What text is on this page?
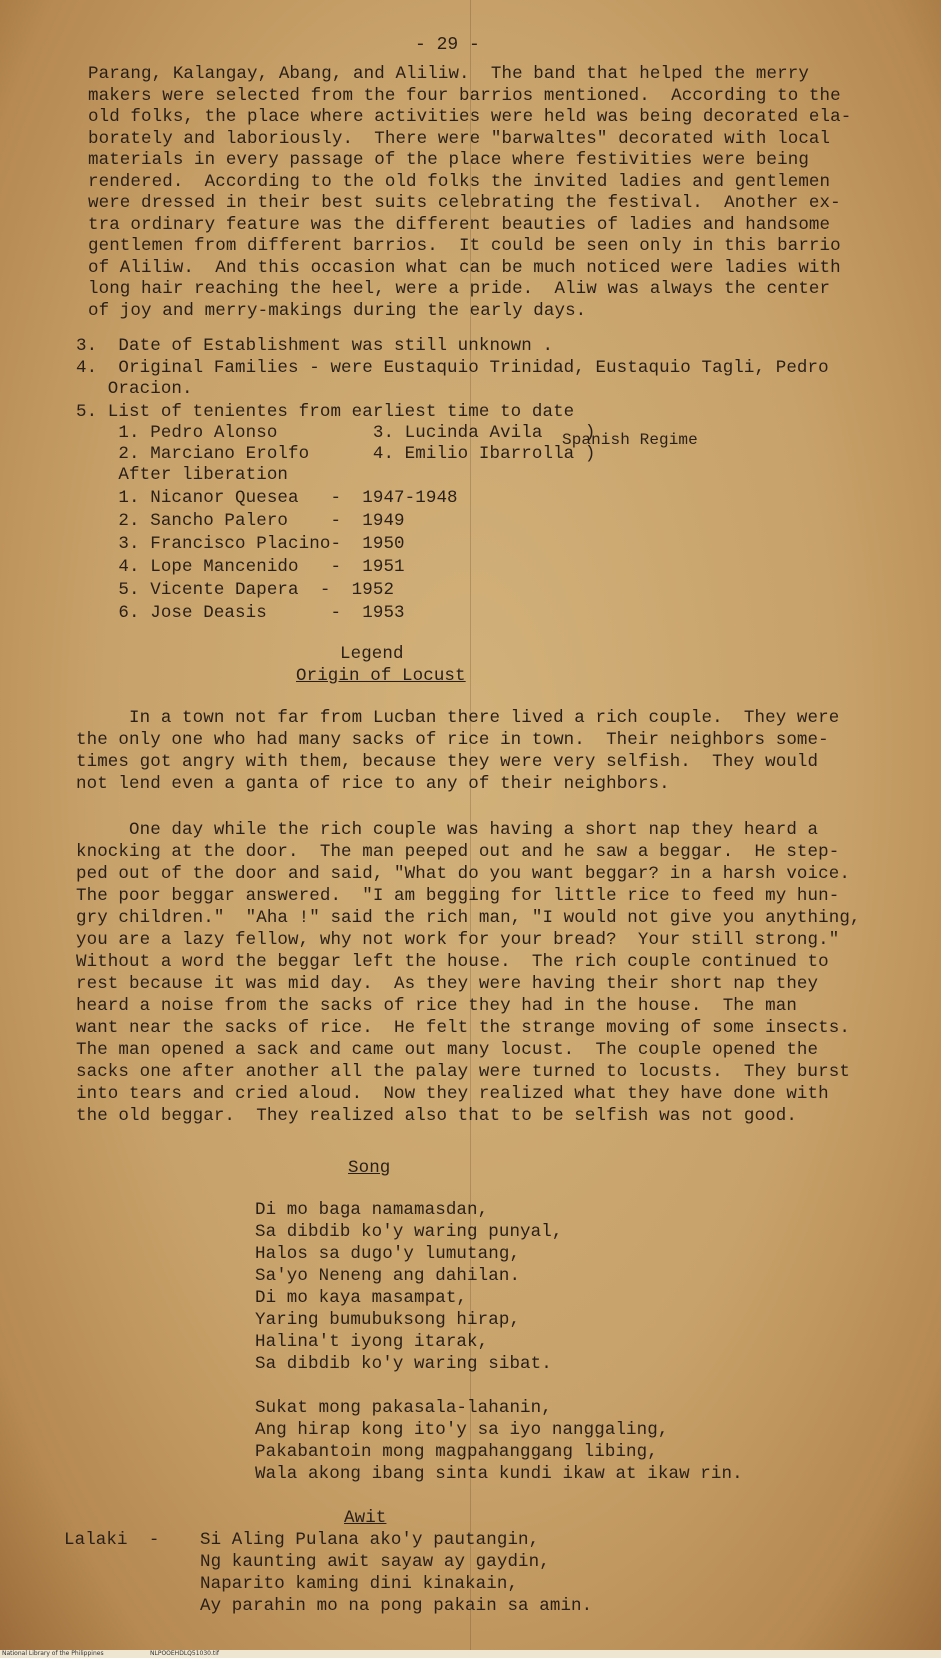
- 29 -
Parang, Kalangay, Abang, and Aliliw.  The band that helped the merry
makers were selected from the four barrios mentioned.  According to the
old folks, the place where activities were held was being decorated ela-
borately and laboriously.  There were "barwaltes" decorated with local
materials in every passage of the place where festivities were being
rendered.  According to the old folks the invited ladies and gentlemen
were dressed in their best suits celebrating the festival.  Another ex-
tra ordinary feature was the different beauties of ladies and handsome
gentlemen from different barrios.  It could be seen only in this barrio
of Aliliw.  And this occasion what can be much noticed were ladies with
long hair reaching the heel, were a pride.  Aliw was always the center
of joy and merry-makings during the early days.
3.  Date of Establishment was still unknown .
4.  Original Families - were Eustaquio Trinidad, Eustaquio Tagli, Pedro
Oracion.
5. List of tenientes from earliest time to date
1. Pedro Alonso         3. Lucinda Avila    )
2. Marciano Erolfo      4. Emilio Ibarrolla )
Spanish Regime
After liberation
1. Nicanor Quesea   -  1947-1948
2. Sancho Palero    -  1949
3. Francisco Placino-  1950
4. Lope Mancenido   -  1951
5. Vicente Dapera  -  1952
6. Jose Deasis      -  1953
Legend
Origin of Locust
In a town not far from Lucban there lived a rich couple.  They were
the only one who had many sacks of rice in town.  Their neighbors some-
times got angry with them, because they were very selfish.  They would
not lend even a ganta of rice to any of their neighbors.
One day while the rich couple was having a short nap they heard a
knocking at the door.  The man peeped out and he saw a beggar.  He step-
ped out of the door and said, "What do you want beggar? in a harsh voice.
The poor beggar answered.  "I am begging for little rice to feed my hun-
gry children."  "Aha !" said the rich man, "I would not give you anything,
you are a lazy fellow, why not work for your bread?  Your still strong."
Without a word the beggar left the house.  The rich couple continued to
rest because it was mid day.  As they were having their short nap they
heard a noise from the sacks of rice they had in the house.  The man
want near the sacks of rice.  He felt the strange moving of some insects.
The man opened a sack and came out many locust.  The couple opened the
sacks one after another all the palay were turned to locusts.  They burst
into tears and cried aloud.  Now they realized what they have done with
the old beggar.  They realized also that to be selfish was not good.
Song
Di mo baga namamasdan,
Sa dibdib ko'y waring punyal,
Halos sa dugo'y lumutang,
Sa'yo Neneng ang dahilan.
Di mo kaya masampat,
Yaring bumubuksong hirap,
Halina't iyong itarak,
Sa dibdib ko'y waring sibat.
Sukat mong pakasala-lahanin,
Ang hirap kong ito'y sa iyo nanggaling,
Pakabantoin mong magpahanggang libing,
Wala akong ibang sinta kundi ikaw at ikaw rin.
Awit
Lalaki  - Si Aling Pulana ako'y pautangin,
Ng kaunting awit sayaw ay gaydin,
Naparito kaming dini kinakain,
Ay parahin mo na pong pakain sa amin.
National Library of the Philippines	NLPOOEHDLQ51030.tif
